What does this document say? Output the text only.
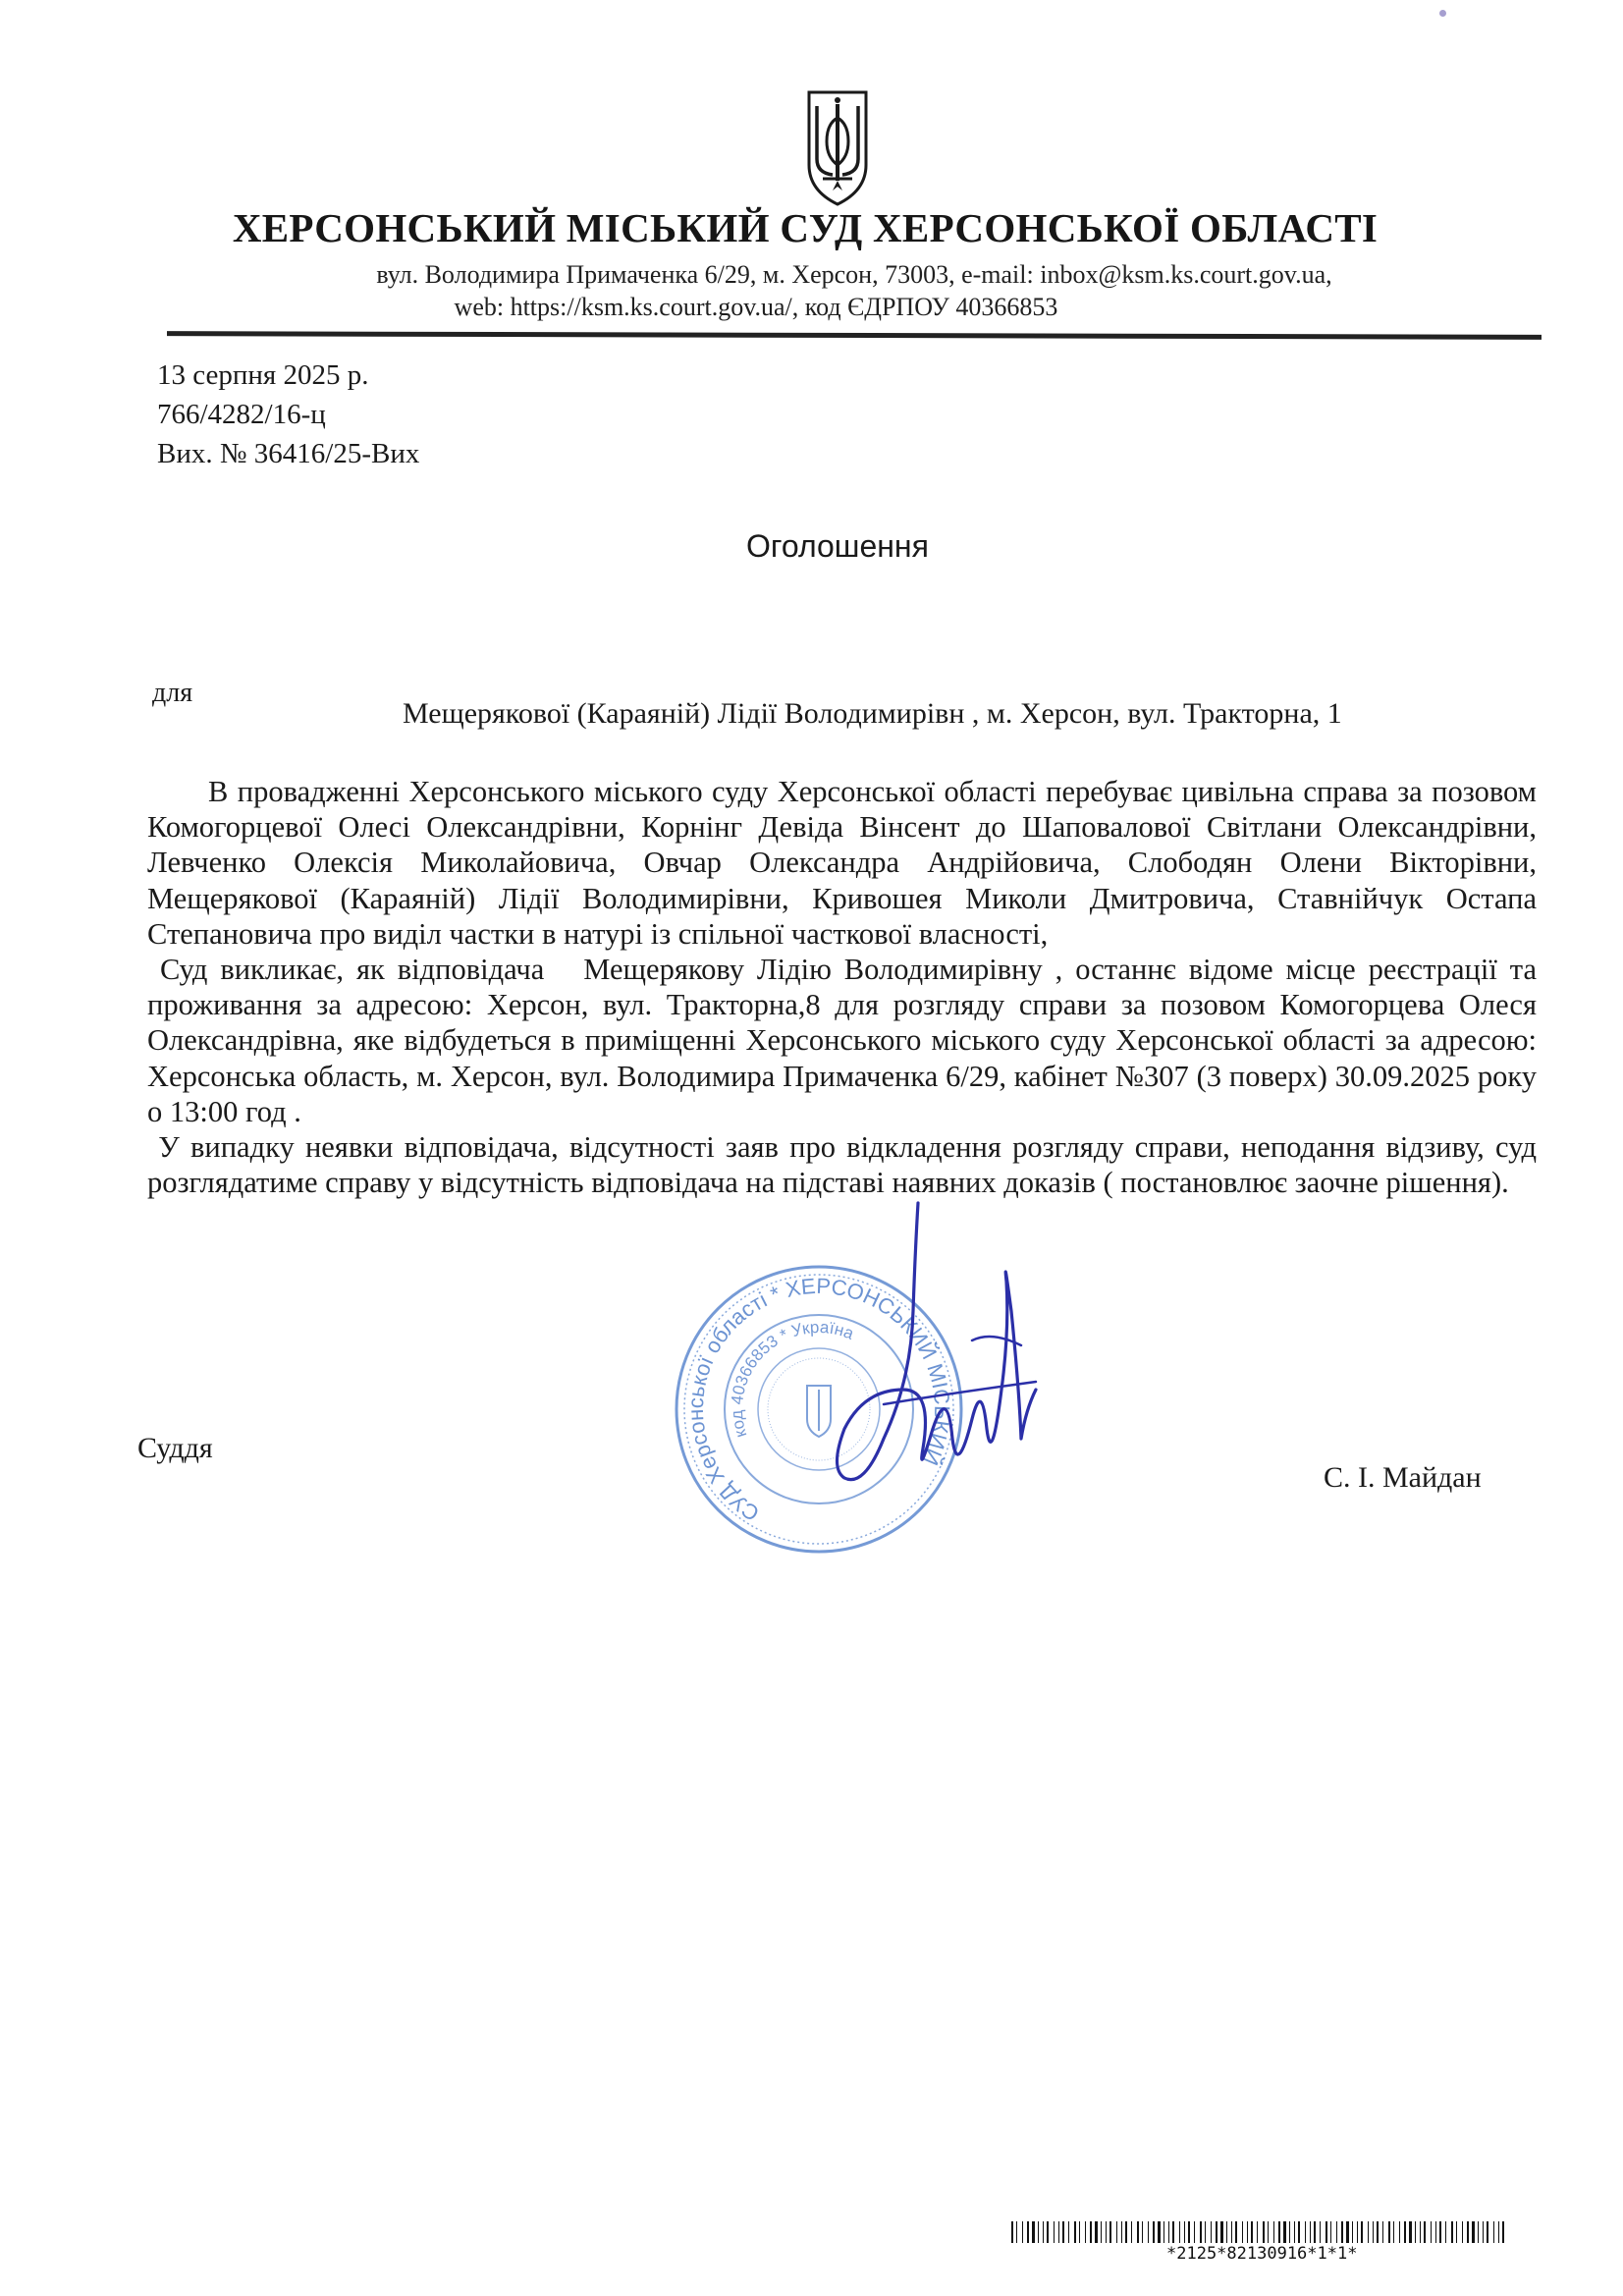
ХЕРСОНСЬКИЙ МІСЬКИЙ СУД ХЕРСОНСЬКОЇ ОБЛАСТІ
вул. Володимира Примаченка 6/29, м. Херсон, 73003, e-mail: inbox@ksm.ks.court.gov.ua,
web: https://ksm.ks.court.gov.ua/, код ЄДРПОУ 40366853
13 серпня 2025 р.
766/4282/16-ц
Вих. № 36416/25-Вих
Оголошення
для
Мещерякової (Караяній) Лідії Володимирівн , м. Херсон, вул. Тракторна, 1

В провадженні Херсонського міського суду Херсонської області перебуває цивільна справа за позовом Комогорцевої Олесі Олександрівни, Корнінг Девіда Вінсент до Шаповалової Світлани Олександрівни, Левченко Олексія Миколайовича, Овчар Олександра Андрійовича, Слободян Олени Вікторівни, Мещерякової (Караяній) Лідії Володимирівни, Кривошея Миколи Дмитровича, Ставнійчук Остапа Степановича про виділ частки в натурі із спільної часткової власності,

Суд викликає, як відповідача Мещерякову Лідію Володимирівну , останнє відоме місце реєстрації та проживання за адресою: Херсон, вул. Тракторна,8 для розгляду справи за позовом Комогорцева Олеся Олександрівна, яке відбудеться в приміщенні Херсонського міського суду Херсонської області за адресою: Херсонська область, м. Херсон, вул. Володимира Примаченка 6/29, кабінет №307 (3 поверх) 30.09.2025 року о 13:00 год .

У випадку неявки відповідача, відсутності заяв про відкладення розгляду справи, неподання відзиву, суд розглядатиме справу у відсутність відповідача на підставі наявних доказів ( постановлює заочне рішення).

Суддя
С. І. Майдан
СУД Херсонської області * ХЕРСОНСЬКИЙ МІСЬКИЙ
код 40366853 * Україна
*2125*82130916*1*1*
